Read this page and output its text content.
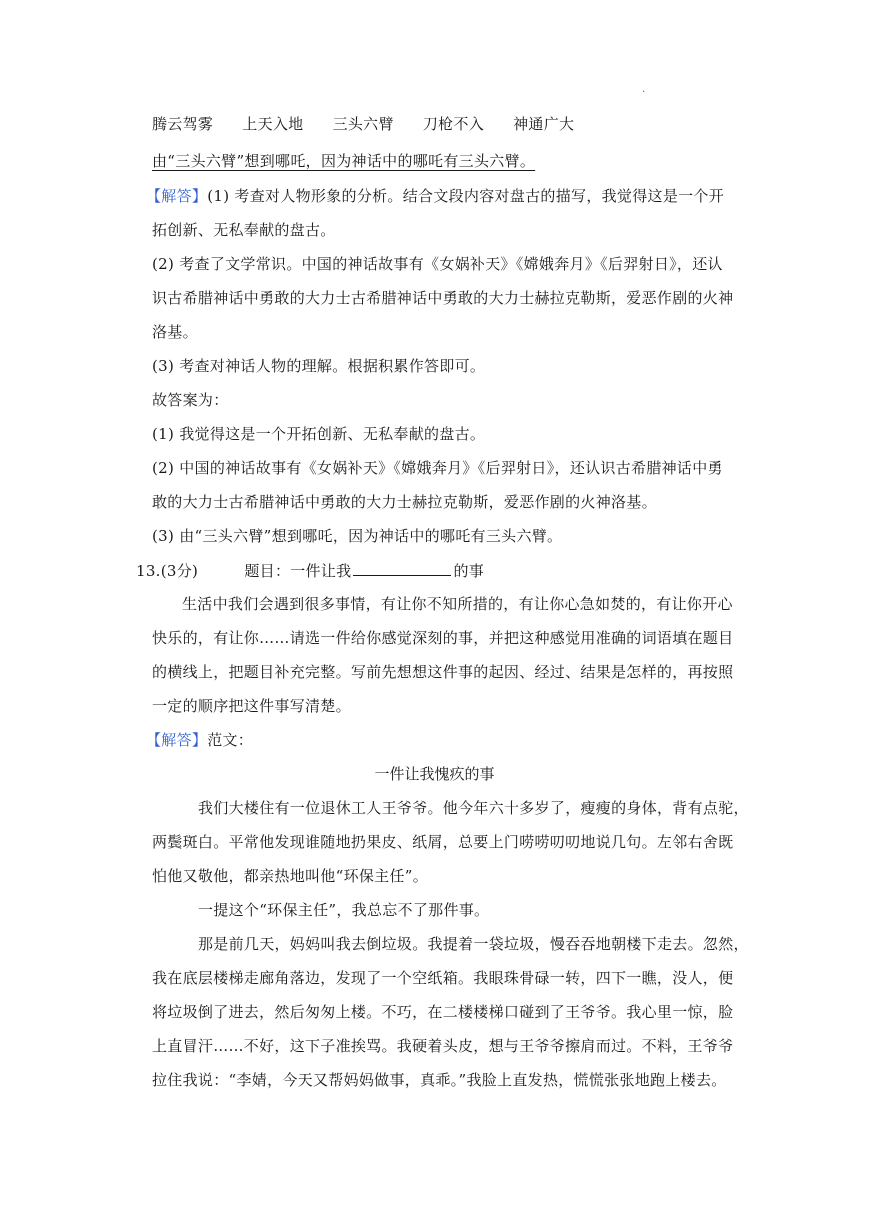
.
腾云驾雾 上天入地 三头六臂 刀枪不入 神通广大
由“三头六臂”想到哪吒，因为神话中的哪吒有三头六臂。
【解答】(1) 考查对人物形象的分析。结合文段内容对盘古的描写，我觉得这是一个开
拓创新、无私奉献的盘古。
(2) 考查了文学常识。中国的神话故事有《女娲补天》《嫦娥奔月》《后羿射日》，还认
识古希腊神话中勇敢的大力士古希腊神话中勇敢的大力士赫拉克勒斯，爱恶作剧的火神
洛基。
(3) 考查对神话人物的理解。根据积累作答即可。
故答案为：
(1) 我觉得这是一个开拓创新、无私奉献的盘古。
(2) 中国的神话故事有《女娲补天》《嫦娥奔月》《后羿射日》，还认识古希腊神话中勇
敢的大力士古希腊神话中勇敢的大力士赫拉克勒斯，爱恶作剧的火神洛基。
(3) 由“三头六臂”想到哪吒，因为神话中的哪吒有三头六臂。
13.(3分)	题目：一件让我	的事
生活中我们会遇到很多事情，有让你不知所措的，有让你心急如焚的，有让你开心
快乐的，有让你……请选一件给你感觉深刻的事，并把这种感觉用准确的词语填在题目
的横线上，把题目补充完整。写前先想想这件事的起因、经过、结果是怎样的，再按照
一定的顺序把这件事写清楚。
【解答】范文：
一件让我愧疚的事
我们大楼住有一位退休工人王爷爷。他今年六十多岁了，瘦瘦的身体，背有点驼，
两鬓斑白。平常他发现谁随地扔果皮、纸屑，总要上门唠唠叨叨地说几句。左邻右舍既
怕他又敬他，都亲热地叫他“环保主任”。
一提这个“环保主任”，我总忘不了那件事。
那是前几天，妈妈叫我去倒垃圾。我提着一袋垃圾，慢吞吞地朝楼下走去。忽然，
我在底层楼梯走廊角落边，发现了一个空纸箱。我眼珠骨碌一转，四下一瞧，没人，便
将垃圾倒了进去，然后匆匆上楼。不巧，在二楼楼梯口碰到了王爷爷。我心里一惊，脸
上直冒汗……不好，这下子准挨骂。我硬着头皮，想与王爷爷擦肩而过。不料，王爷爷
拉住我说：“李婧，今天又帮妈妈做事，真乖。”我脸上直发热，慌慌张张地跑上楼去。
